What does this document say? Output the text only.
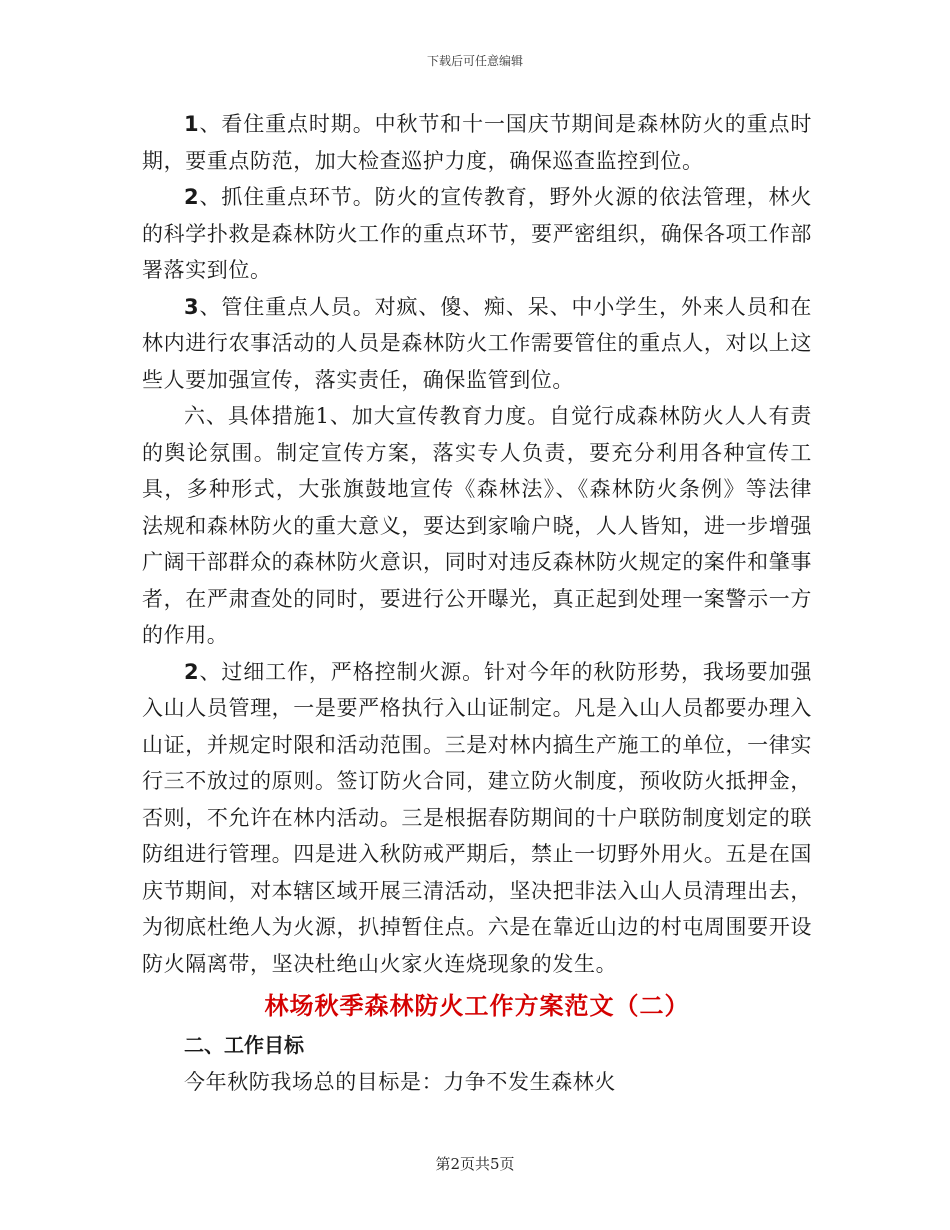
下载后可任意编辑

1、看住重点时期。中秋节和十一国庆节期间是森林防火的重点时期，要重点防范，加大检查巡护力度，确保巡查监控到位。

2、抓住重点环节。防火的宣传教育，野外火源的依法管理，林火的科学扑救是森林防火工作的重点环节，要严密组织，确保各项工作部署落实到位。

3、管住重点人员。对疯、傻、痴、呆、中小学生，外来人员和在林内进行农事活动的人员是森林防火工作需要管住的重点人，对以上这些人要加强宣传，落实责任，确保监管到位。

六、具体措施1、加大宣传教育力度。自觉行成森林防火人人有责的舆论氛围。制定宣传方案，落实专人负责，要充分利用各种宣传工具，多种形式，大张旗鼓地宣传《森林法》、《森林防火条例》等法律法规和森林防火的重大意义，要达到家喻户晓，人人皆知，进一步增强广阔干部群众的森林防火意识，同时对违反森林防火规定的案件和肇事者，在严肃查处的同时，要进行公开曝光，真正起到处理一案警示一方的作用。

2、过细工作，严格控制火源。针对今年的秋防形势，我场要加强入山人员管理，一是要严格执行入山证制定。凡是入山人员都要办理入山证，并规定时限和活动范围。三是对林内搞生产施工的单位，一律实行三不放过的原则。签订防火合同，建立防火制度，预收防火抵押金，否则，不允许在林内活动。三是根据春防期间的十户联防制度划定的联防组进行管理。四是进入秋防戒严期后，禁止一切野外用火。五是在国庆节期间，对本辖区域开展三清活动，坚决把非法入山人员清理出去，为彻底杜绝人为火源，扒掉暂住点。六是在靠近山边的村屯周围要开设防火隔离带，坚决杜绝山火家火连烧现象的发生。

林场秋季森林防火工作方案范文（二）
二、工作目标

今年秋防我场总的目标是：力争不发生森林火

第2页共5页
